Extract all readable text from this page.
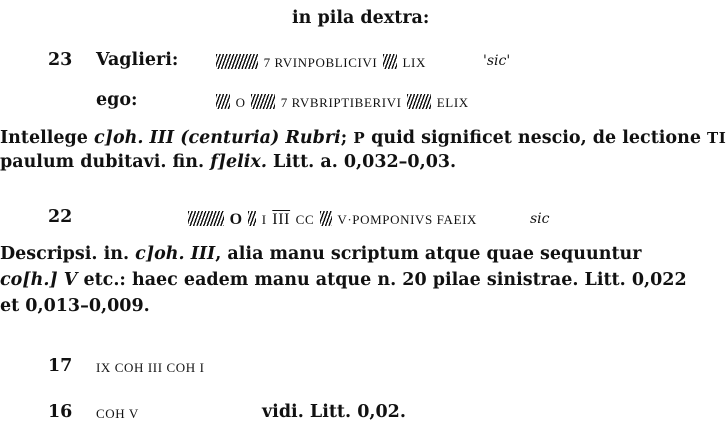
in pila dextra:
23 Vaglieri:	7 RVINPOBLICIVI LIX	'sic'
ego:	O	7 RVBRIPTIBERIVI	ELIX
Intellege c]oh. III (centuria) Rubri; P quid significet nescio, de lectione TI
paulum dubitavi. fin. f]elix. Litt. a. 0,032–0,03.
22	O I $\overline{III}$ CC V·POMPONIVS FAEIX	sic
Descripsi. in. c]oh. III, alia manu scriptum atque quae sequuntur
co[h.] V etc.: haec eadem manu atque n. 20 pilae sinistrae. Litt. 0,022
et 0,013–0,009.
17 IX COH III COH I
16 COH V	vidi. Litt. 0,02.
